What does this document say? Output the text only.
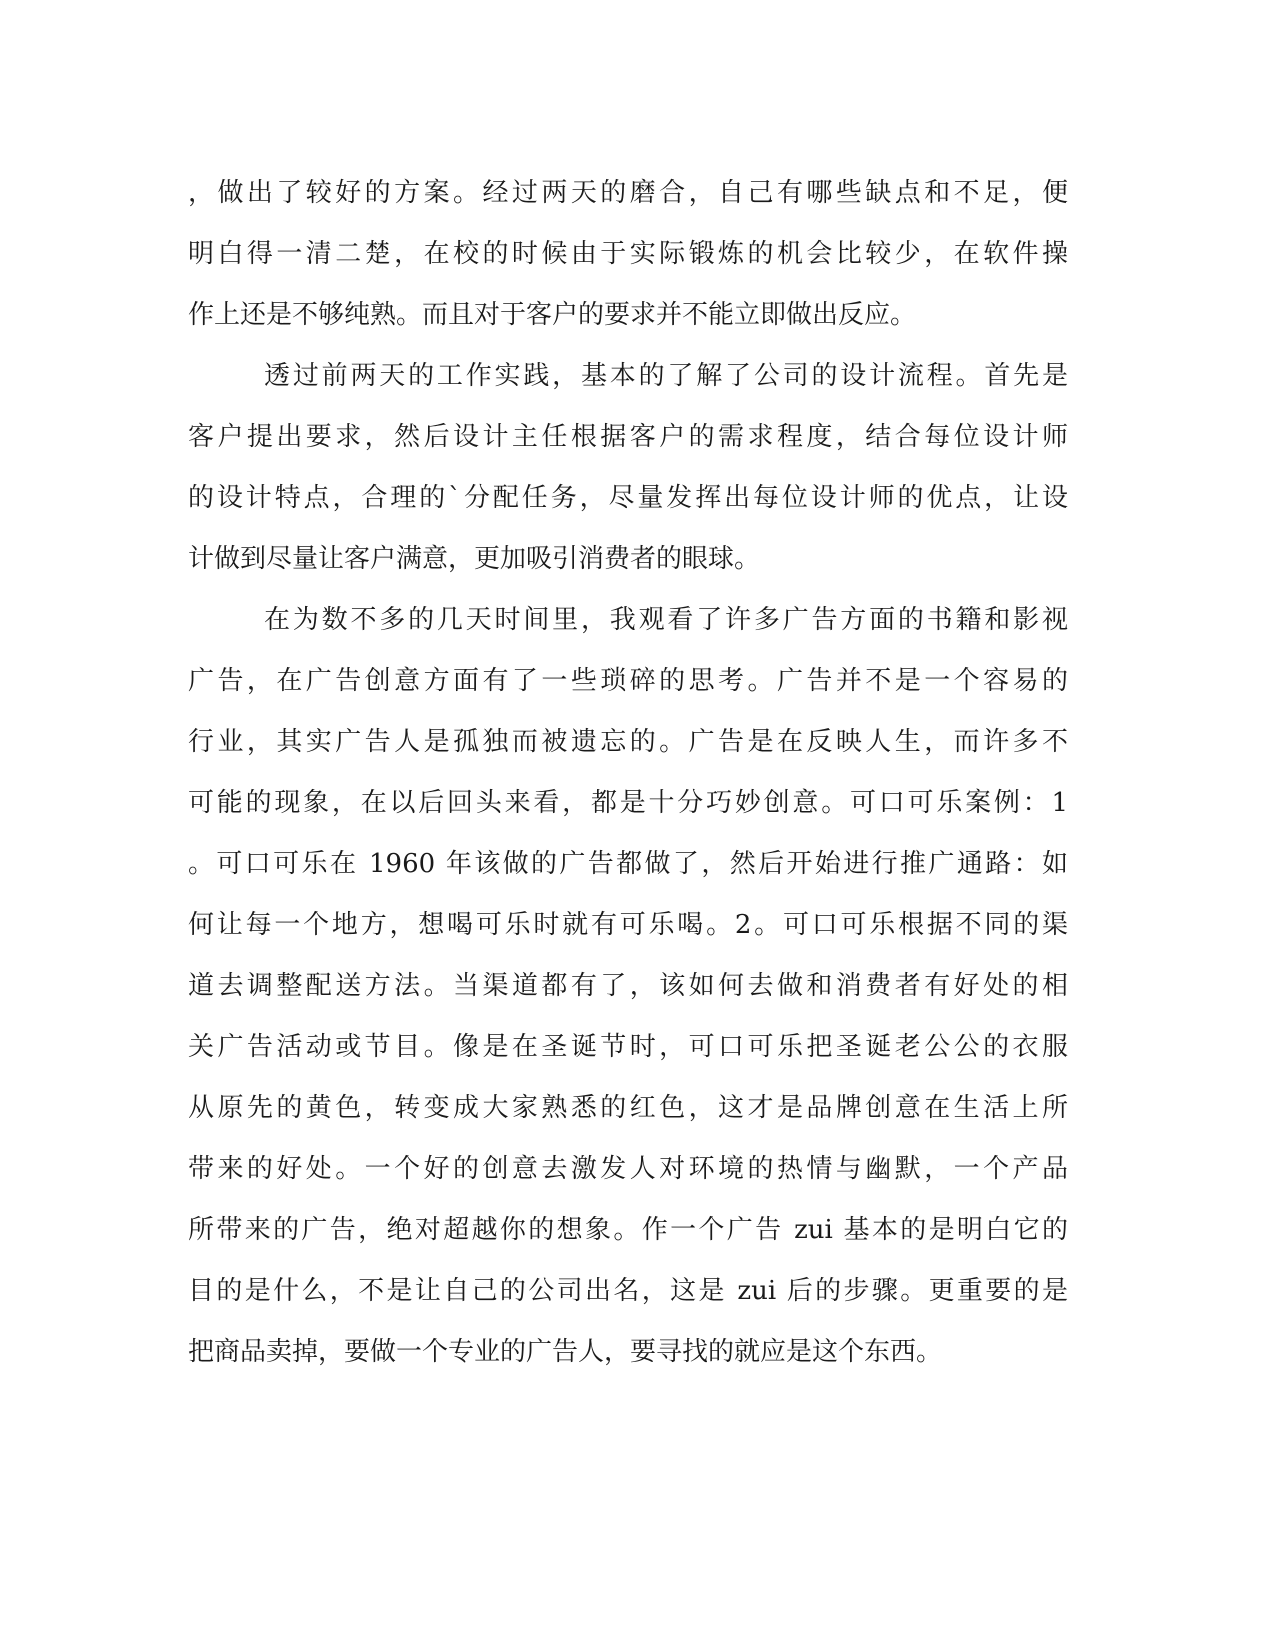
，做出了较好的方案。经过两天的磨合，自己有哪些缺点和不足，便
明白得一清二楚，在校的时候由于实际锻炼的机会比较少，在软件操
作上还是不够纯熟。而且对于客户的要求并不能立即做出反应。
透过前两天的工作实践，基本的了解了公司的设计流程。首先是
客户提出要求，然后设计主任根据客户的需求程度，结合每位设计师
的设计特点，合理的`分配任务，尽量发挥出每位设计师的优点，让设
计做到尽量让客户满意，更加吸引消费者的眼球。
在为数不多的几天时间里，我观看了许多广告方面的书籍和影视
广告，在广告创意方面有了一些琐碎的思考。广告并不是一个容易的
行业，其实广告人是孤独而被遗忘的。广告是在反映人生，而许多不
可能的现象，在以后回头来看，都是十分巧妙创意。可口可乐案例：1
。可口可乐在 1960 年该做的广告都做了，然后开始进行推广通路：如
何让每一个地方，想喝可乐时就有可乐喝。2。可口可乐根据不同的渠
道去调整配送方法。当渠道都有了，该如何去做和消费者有好处的相
关广告活动或节目。像是在圣诞节时，可口可乐把圣诞老公公的衣服
从原先的黄色，转变成大家熟悉的红色，这才是品牌创意在生活上所
带来的好处。一个好的创意去激发人对环境的热情与幽默，一个产品
所带来的广告，绝对超越你的想象。作一个广告 zui 基本的是明白它的
目的是什么，不是让自己的公司出名，这是 zui 后的步骤。更重要的是
把商品卖掉，要做一个专业的广告人，要寻找的就应是这个东西。
